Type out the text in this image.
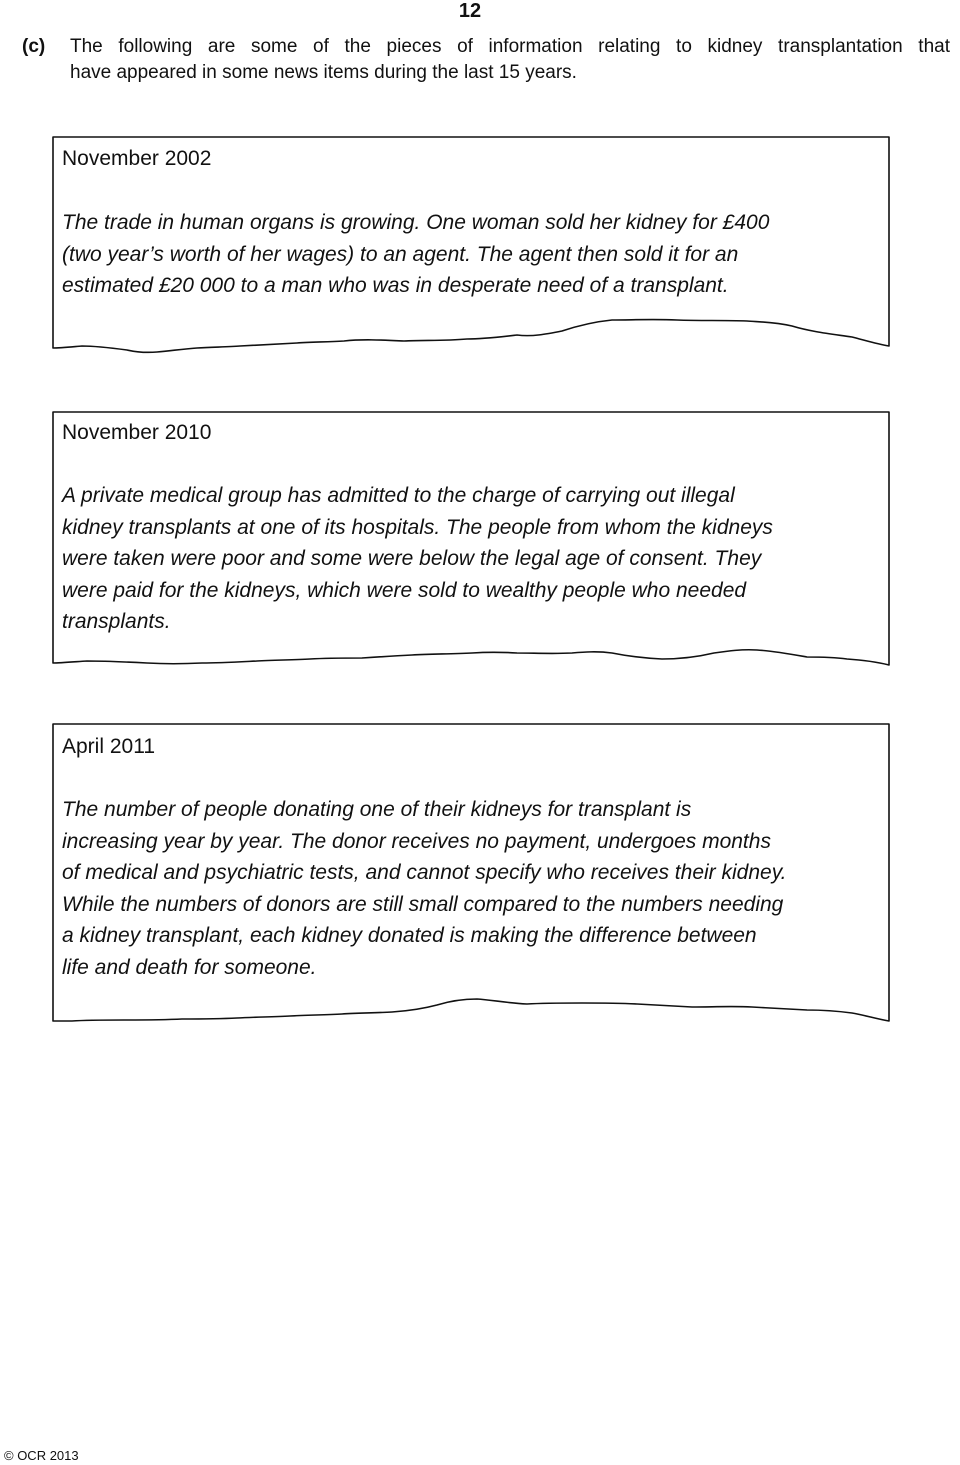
12
(c) The following are some of the pieces of information relating to kidney transplantation that
have appeared in some news items during the last 15 years.
November 2002
The trade in human organs is growing. One woman sold her kidney for £400
(two year’s worth of her wages) to an agent. The agent then sold it for an
estimated £20 000 to a man who was in desperate need of a transplant.
November 2010
A private medical group has admitted to the charge of carrying out illegal
kidney transplants at one of its hospitals. The people from whom the kidneys
were taken were poor and some were below the legal age of consent. They
were paid for the kidneys, which were sold to wealthy people who needed
transplants.
April 2011
The number of people donating one of their kidneys for transplant is
increasing year by year. The donor receives no payment, undergoes months
of medical and psychiatric tests, and cannot specify who receives their kidney.
While the numbers of donors are still small compared to the numbers needing
a kidney transplant, each kidney donated is making the difference between
life and death for someone.
© OCR 2013
